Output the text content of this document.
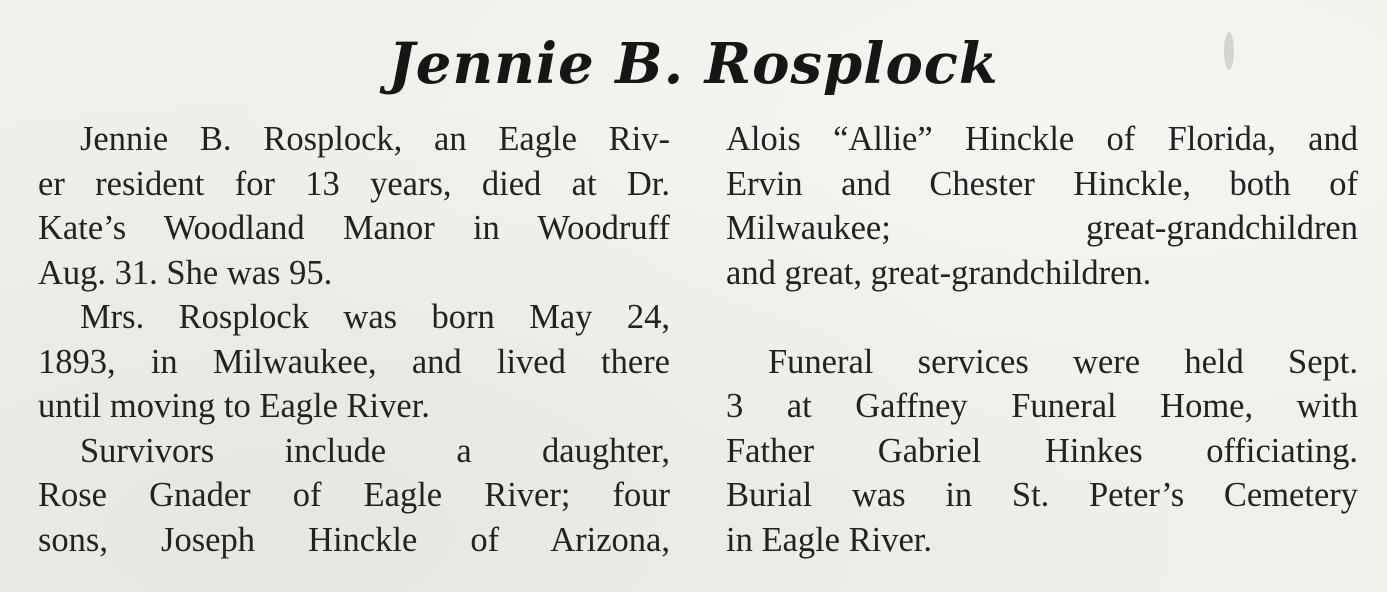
Jennie B. Rosplock
Jennie B. Rosplock, an Eagle Riv-
er resident for 13 years, died at Dr.
Kate’s Woodland Manor in Woodruff
Aug. 31. She was 95.
Mrs. Rosplock was born May 24,
1893, in Milwaukee, and lived there
until moving to Eagle River.
Survivors include a daughter,
Rose Gnader of Eagle River; four
sons, Joseph Hinckle of Arizona,
Alois “Allie” Hinckle of Florida, and
Ervin and Chester Hinckle, both of
Milwaukee; great-grandchildren
and great, great-grandchildren.
Funeral services were held Sept.
3 at Gaffney Funeral Home, with
Father Gabriel Hinkes officiating.
Burial was in St. Peter’s Cemetery
in Eagle River.
